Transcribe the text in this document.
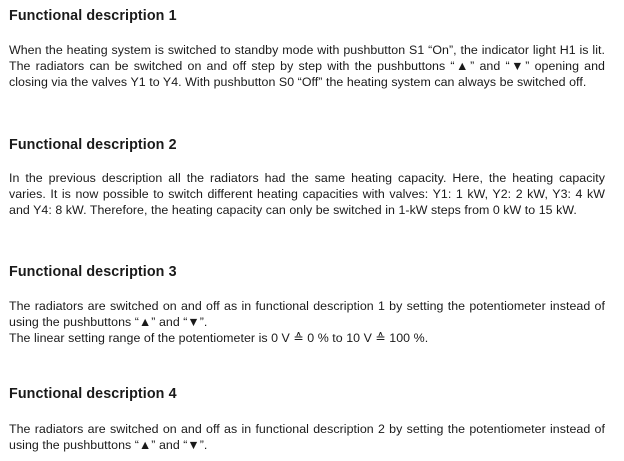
Functional description 1

When the heating system is switched to standby mode with pushbutton S1 “On”, the indicator light H1 is lit. The radiators can be switched on and off step by step with the pushbuttons “▲” and “▼” opening and closing via the valves Y1 to Y4. With pushbutton S0 “Off” the heating system can always be switched off.

Functional description 2

In the previous description all the radiators had the same heating capacity. Here, the heating capacity varies. It is now possible to switch different heating capacities with valves: Y1: 1 kW, Y2: 2 kW, Y3: 4 kW and Y4: 8 kW. Therefore, the heating capacity can only be switched in 1-kW steps from 0 kW to 15 kW.

Functional description 3

The radiators are switched on and off as in functional description 1 by setting the potentiometer instead of using the pushbuttons “▲” and “▼”.

The linear setting range of the potentiometer is 0 V ≙ 0 % to 10 V ≙ 100 %.

Functional description 4

The radiators are switched on and off as in functional description 2 by setting the potentiometer instead of using the pushbuttons “▲” and “▼”.
